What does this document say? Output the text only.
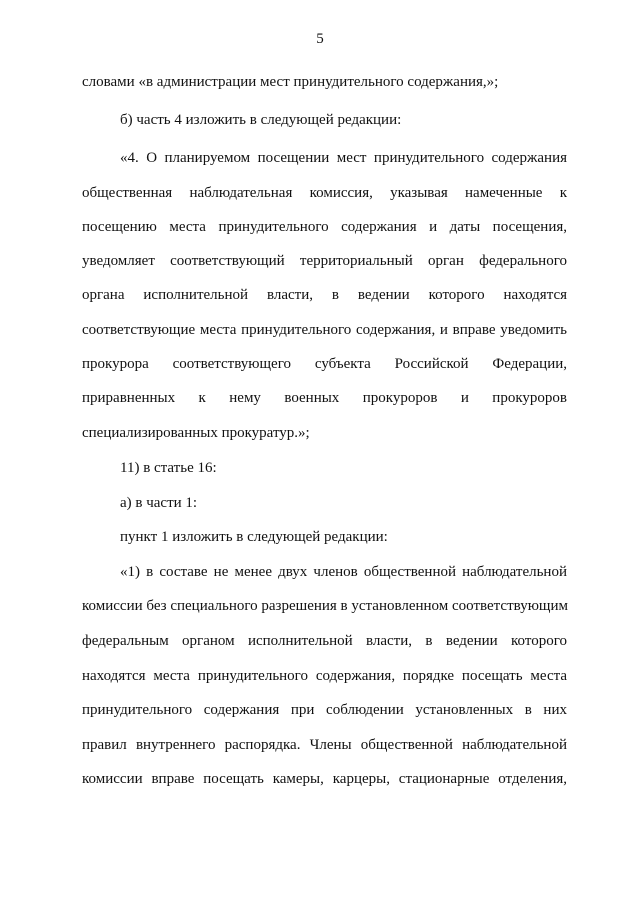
5
словами «в администрации мест принудительного содержания,»;
б) часть 4 изложить в следующей редакции:
«4. О планируемом посещении мест принудительного содержания
общественная наблюдательная комиссия, указывая намеченные к
посещению места принудительного содержания и даты посещения,
уведомляет соответствующий территориальный орган федерального
органа исполнительной власти, в ведении которого находятся
соответствующие места принудительного содержания, и вправе уведомить
прокурора соответствующего субъекта Российской Федерации,
приравненных к нему военных прокуроров и прокуроров
специализированных прокуратур.»;
11) в статье 16:
а) в части 1:
пункт 1 изложить в следующей редакции:
«1) в составе не менее двух членов общественной наблюдательной
комиссии без специального разрешения в установленном соответствующим
федеральным органом исполнительной власти, в ведении которого
находятся места принудительного содержания, порядке посещать места
принудительного содержания при соблюдении установленных в них
правил внутреннего распорядка. Члены общественной наблюдательной
комиссии вправе посещать камеры, карцеры, стационарные отделения,
